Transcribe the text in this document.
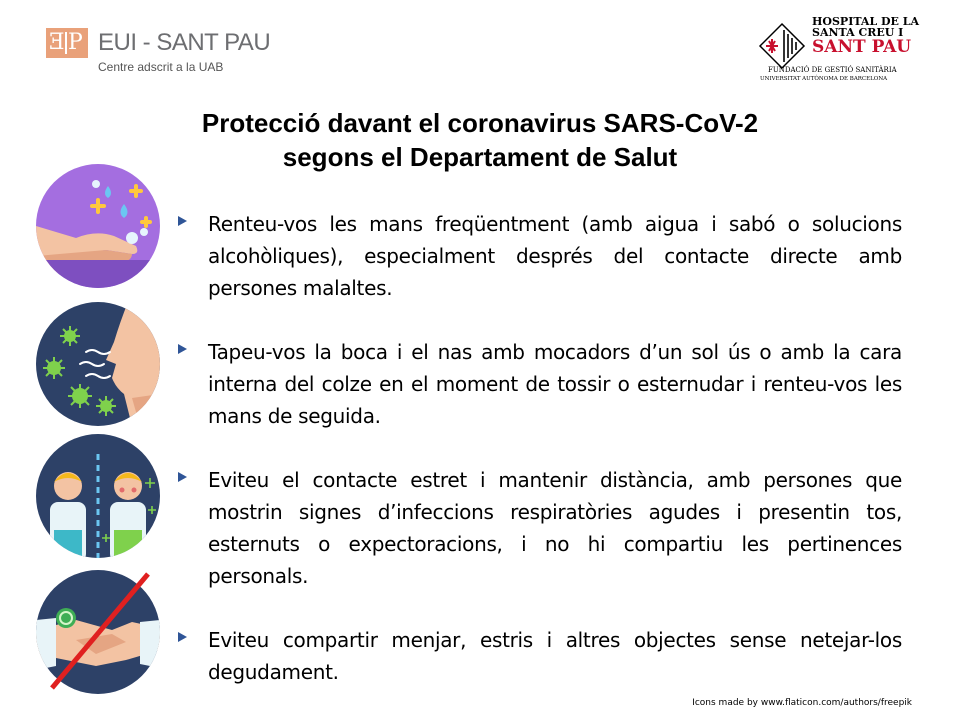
Ǝ P EUI - SANT PAU
Centre adscrit a la UAB
HOSPITAL DE LA
SANTA CREU I
SANT PAU
FUNDACIÓ DE GESTIÓ SANITÀRIA
UNIVERSITAT AUTÒNOMA DE BARCELONA
Protecció davant el coronavirus SARS-CoV-2
segons el Departament de Salut

Renteu-vos les mans freqüentment (amb aigua i sabó o solucions alcohòliques), especialment després del contacte directe amb persones malaltes.

Tapeu-vos la boca i el nas amb mocadors d’un sol ús o amb la cara interna del colze en el moment de tossir o esternudar i renteu-vos les mans de seguida.

Eviteu el contacte estret i mantenir distància, amb persones que mostrin signes d’infeccions respiratòries agudes i presentin tos, esternuts o expectoracions, i no hi compartiu les pertinences personals.

Eviteu compartir menjar, estris i altres objectes sense netejar-los degudament.

Icons made by www.flaticon.com/authors/freepik
